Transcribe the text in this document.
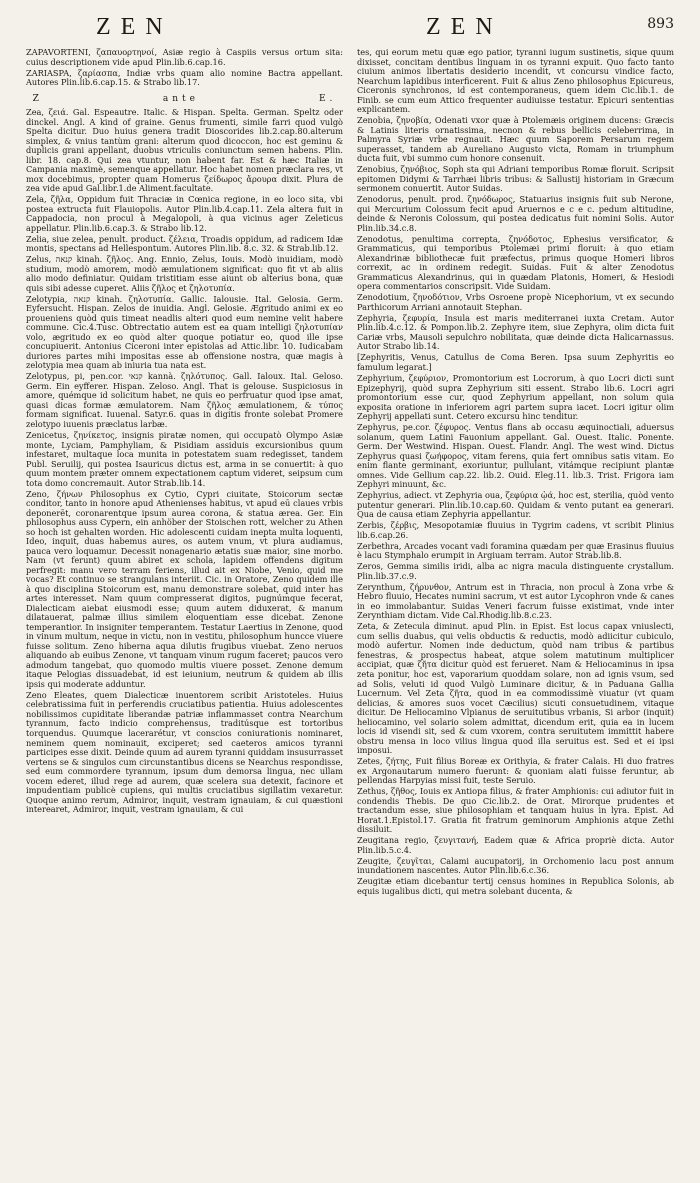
ZEN	ZEN	893

ZAPAVORTENI, ζαπαυορτηνοί, Asiæ regio à Caspiis versus ortum sita: cuius descriptionem vide apud Plin.lib.6.cap.16.

ZARIASPA, ζαρίασπα, Indiæ vrbs quam alio nomine Bactra appellant. Autores Plin.lib.6.cap.15. & Strabo lib.17.

Z	ante	E.

Zea, ζειά. Gal. Espeautre. Italic. & Hispan. Spelta. German. Speltz oder dinckel. Angl. A kind of graine. Genus frumenti, simile farri quod vulgò Spelta dicitur. Duo huius genera tradit Dioscorides lib.2.cap.80.alterum simplex, & vnius tantùm grani: alterum quod dicoccon, hoc est geminu & duplicis grani appellant, duobus vtriculis coniunctum semen habens. Plin. libr. 18. cap.8. Qui zea vtuntur, non habent far. Est & hæc Italiæ in Campania maximè, semenque appellatur. Hoc habet nomen præclara res, vt mox docebimus, propter quam Homerus ζείδωρος ἄρουρα dixit. Plura de zea vide apud Gal.libr.1.de Aliment.facultate.

Zela, ζῆλα, Oppidum fuit Thraciæ in Cœnica regione, in eo loco sita, vbi postea extructa fuit Flauiopolis. Autor Plin.lib.4.cap.11. Zela altera fuit in Cappadocia, non procul à Megalopoli, à qua vicinus ager Zeleticus appellatur. Plin.lib.6.cap.3. & Strabo lib.12.

Zelia, siue zelea, penult. product. ζέλεια, Troadis oppidum, ad radicem Idæ montis, spectans ad Hellespontum. Autores Plin.lib. 8.c. 32. & Strab.lib.12.

Zelus, קנאה kinah. ζῆλος. Ang. Ennio, Zelus, Iouis. Modò inuidiam, modò studium, modò amorem, modò æmulationem significat: quo fit vt ab aliis alio modo definiatur. Quidam tristitiam esse aiunt ob alterius bona, quæ quis sibi adesse cuperet. Aliis ζῆλος et ζηλοτυπία.

Zelotypia, קנאה kinah. ζηλοτυπία. Gallic. Ialousie. Ital. Gelosia. Germ. Eyfersucht. Hispan. Zelos de inuidia. Angl. Gelosie. Ægritudo animi ex eo proueniens quòd quis timeat neadlis alteri quod eum nemine velit habere commune. Cic.4.Tusc. Obtrectatio autem est ea quam intelligi ζηλοτυπίαν volo, ægritudo ex eo quòd alter quoque potiatur eo, quod ille ipse concupiuerit. Antonius Ciceroni inter epistolas ad Attic.libr. 10. Iudicabam duriores partes mihi impositas esse ab offensione nostra, quæ magis à zelotypia mea quam ab iniuria tua nata est.

Zelotypus, pi, pen.cor. קנאי kannà. ζηλότυπος. Gall. Ialoux. Ital. Geloso. Germ. Ein eyfferer. Hispan. Zeloso. Angl. That is gelouse. Suspiciosus in amore, quémque id solicitum habet, ne quis eo perfruatur quod ipse amat, quasi dicas formæ æmulatorem. Nam ζῆλος æmulationem, & τύπος formam significat. Iuuenal. Satyr.6. quas in digitis fronte solebat Promere zelotypo iuuenis præclatus larbæ.

Zenicetus, ζηνίκετος, insignis piratæ nomen, qui occupatò Olympo Asiæ monte, Lyciam, Pamphyliam, & Pisidiam assiduis excursionibus quum infestaret, multaque loca munita in potestatem suam redegisset, tandem Publ. Seruilij, qui postea Isauricus dictus est, arma in se conuertit: à quo quum montem præter omnem expectationem captum videret, seipsum cum tota domo concremauit. Autor Strab.lib.14.

Zeno, ζήνων Philosophus ex Cytio, Cypri ciuitate, Stoicorum sectæ conditor, tanto in honore apud Athenienses habitus, vt apud eū claues vrbis deponerēt, coronarentque ipsum aurea corona, & statua ærea. Ger. Ein philosophus auss Cypern, ein anhöber der Stoischen rott, welcher zu Athen so hoch ist gehalten worden. Hic adolescenti cuidam inepta multa loquenti, Ideo, inquit, duas habemus aures, os autem vnum, vt plura audiamus, pauca vero loquamur. Decessit nonagenario ætatis suæ maior, sine morbo. Nam (vt ferunt) quum abiret ex schola, lapidem offendens digitum perfregit: manu vero terram feriens, illud ait ex Niobe, Venio, quid me vocas? Et continuo se strangulans interiit. Cic. in Oratore, Zeno quidem ille à quo disciplina Stoicorum est, manu demonstrare solebat, quid inter has artes interesset. Nam quum compresserat digitos, pugnúmque fecerat, Dialecticam aiebat eiusmodi esse; quum autem diduxerat, & manum dilatauerat, palmæ illius similem eloquentiam esse dicebat. Zenone temperantior. In insigniter temperantem. Testatur Laertius in Zenone, quod in vinum multum, neque in victu, non in vestitu, philosophum huncce viuere fuisse solitum. Zeno hiberna aqua dilutis frugibus viuebat. Zeno neruos aliquando ab euibus Zenone, vt tanquam vinum rugum faceret; paucos vero admodum tangebat, quo quomodo multis viuere posset. Zenone demum itaque Pelogias dissuadebat, id est ieiunium, neutrum & quidem ab illis ipsis qui moderate adduntur.

Zeno Eleates, quem Dialecticæ inuentorem scribit Aristoteles. Huius celebratissima fuit in perferendis cruciatibus patientia. Huius adolescentes nobilissimos cupiditate liberandæ patriæ inflammasset contra Nearchum tyrannum, facto indicio comprehensus, traditúsque est tortoribus torquendus. Quumque lacerarétur, vt conscios coniurationis nominaret, neminem quem nominauit, exciperet; sed caeteros amicos tyranni participes esse dixit. Deinde quum ad aurem tyranni quiddam insusurrasset vertens se & singulos cum circunstantibus dicens se Nearchus respondisse, sed eum commordere tyrannum, ipsum dum demorsa lingua, nec ullam vocem ederet, illud rege ad aurem, quæ scelera sua detexit, facinore et impudentiam publicè cupiens, qui multis cruciatibus sigillatim vexaretur. Quoque animo rerum, Admiror, inquit, vestram ignauiam, & cui quæstioni interearet, Admiror, inquit, vestram ignauiam, & cui

tes, qui eorum metu quæ ego patior, tyranni iugum sustinetis, sique quum dixisset, concitam dentibus linguam in os tyranni expuit. Quo facto tanto ciuium animos libertatis desiderio incendit, vt concursu vindice facto, Nearchum lapidibus interficerent. Fuit & alius Zeno philosophus Epicureus, Ciceronis synchronos, id est contemporaneus, quem idem Cic.lib.1. de Finib. se cum eum Attico frequenter audiuisse testatur. Epicuri sententias explicantem.

Zenobia, ζηνοβία, Odenati vxor quæ à Ptolemæis originem ducens: Græcis & Latinis literis ornatissima, necnon & rebus bellicis celeberrima, in Palmyra Syriæ vrbe regnauit. Hæc quum Saporem Persarum regem superasset, tandem ab Aureliano Augusto victa, Romam in triumphum ducta fuit, vbi summo cum honore consenuit.

Zenobius, ζηνόβιος, Soph sta qui Adriani temporibus Romæ floruit. Scripsit epitomen Didymi & Tarrhæi libris tribus: & Sallustij historiam in Græcum sermonem conuertit. Autor Suidas.

Zenodorus, penult. prod. ζηνόδωρος, Statuarius insignis fuit sub Nerone, qui Mercurium Colossum fecit apud Aruernos e c e c. pedum altitudine, deinde & Neronis Colossum, qui postea dedicatus fuit nomini Solis. Autor Plin.lib.34.c.8.

Zenodotus, penultima correpta, ζηνόδοτος, Ephesius versificator, & Grammaticus, qui temporibus Ptolemæi primi floruit: à quo etiam Alexandrinæ bibliothecæ fuit præfectus, primus quoque Homeri libros correxit, ac in ordinem redegit. Suidas. Fuit & alter Zenodotus Grammaticus Alexandrinus, qui in quædam Platonis, Homeri, & Hesiodi opera commentarios conscripsit. Vide Suidam.

Zenodotium, ζηνοδότιον, Vrbs Osroene propè Nicephorium, vt ex secundo Parthicorum Arriani annotauit Stephan.

Zephyria, ζεφυρία, Insula est maris mediterranei iuxta Cretam. Autor Plin.lib.4.c.12. & Pompon.lib.2. Zephyre item, siue Zephyra, olim dicta fuit Cariæ vrbs, Mausoli sepulchro nobilitata, quæ deinde dicta Halicarnassus. Autor Strabo lib.14.

[Zephyritis, Venus, Catullus de Coma Beren. Ipsa suum Zephyritis eo famulum legarat.]

Zephyrium, ζεφύριον, Promontorium est Locrorum, à quo Locri dicti sunt Epizephyrij, quòd supra Zephyrium siti essent. Strabo lib.6. Locri agri promontorium esse cur, quod Zephyrium appellant, non solum quia exposita oratione in inferiorem agri partem supra iacet. Locri igitur olim Zephyrij appellati sunt. Cetero excursu hinc tenditur.

Zephyrus, pe.cor. ζέφυρος. Ventus flans ab occasu æquinoctiali, aduersus solanum, quem Latini Fauonium appellant. Gal. Ouest. Italic. Ponente. Germ. Der Westwind. Hispan. Ouest. Flandr. Angl. The west wind. Dictus Zephyrus quasi ζωήφορος, vitam ferens, quia fert omnibus satis vitam. Eo enim flante germinant, exoriuntur, pullulant, vitámque recipiunt plantæ omnes. Vide Gellium cap.22. lib.2. Ouid. Eleg.11. lib.3. Trist. Frigora iam Zephyri minuunt, &c.

Zephyrius, adiect. vt Zephyria oua, ζεφύρια ᾠά, hoc est, sterilia, quòd vento putentur generari. Plin.lib.10.cap.60. Quidam & vento putant ea generari. Qua de causa etiam Zephyria appellantur.

Zerbis, ζέρβις, Mesopotamiæ fluuius in Tygrim cadens, vt scribit Plinius lib.6.cap.26.

Zerbethra, Arcades vocant vadi foramina quædam per quæ Erasinus fluuius è lacu Stymphalo erumpit in Argiuam terram. Autor Strab.lib.8.

Zeros, Gemma similis iridi, alba ac nigra macula distinguente crystallum. Plin.lib.37.c.9.

Zerynthum, ζήρυνθον, Antrum est in Thracia, non procul à Zona vrbe & Hebro fluuio, Hecates numini sacrum, vt est autor Lycophron vnde & canes in eo immolabantur. Suidas Veneri facrum fuisse existimat, vnde inter Zerynthiam dictam. Vide Cal.Rhodig.lib.8.c.23.

Zeta, & Zetecula diminut. apud Plin. in Epist. Est locus capax vniuslecti, cum sellis duabus, qui velis obductis & reductis, modò adiicitur cubiculo, modò aufertur. Nomen inde deductum, quòd nam tribus & partibus fenestras, & prospectus habeat, atque solem matutinum multiplicer accipiat, quæ ζῆτα dicitur quòd est ferueret. Nam & Heliocaminus in ipsa zeta ponitur, hoc est, vaporarium quoddam solare, non ad ignis vsum, sed ad Solis, veluti id quod Vulgò Luminare dicitur, & in Paduana Gallia Lucernum. Vel Zeta ζῆτα, quod in ea commodissimè viuatur (vt quam delicias, & amores suos vocet Cæcilius) sicuti consuetudinem, vitaque dicitur. De Heliocamino Vlpianus de seruitutibus vrbanis, Si arbor (inquit) heliocamino, vel solario solem admittat, dicendum erit, quia ea in lucem locis id visendi sit, sed & cum vxorem, contra seruitutem immittit habere obstru mensa in loco vilius lingua quod illa seruitus est. Sed et ei ipsi imposui.

Zetes, ζήτης, Fuit filius Boreæ ex Orithyia, & frater Calais. Hi duo fratres ex Argonautarum numero fuerunt: & quoniam alati fuisse feruntur, ab pellendas Harpyias missi fuit, teste Seruio.

Zethus, ζῆθος, Iouis ex Antiopa filius, & frater Amphionis: cui adiutor fuit in condendis Thebis. De quo Cic.lib.2. de Orat. Mirorque prudentes et tractandum esse, siue philosophiam et tanquam huius in lyra. Epist. Ad Horat.1.Epistol.17. Gratia fit fratrum geminorum Amphionis atque Zethi dissiluit.

Zeugitana regio, ζευγιτανή, Eadem quæ & Africa propriè dicta. Autor Plin.lib.5.c.4.

Zeugite, ζευγῖται, Calami aucupatorij, in Orchomenio lacu post annum inundationem nascentes. Autor Plin.lib.6.c.36.

Zeugitæ etiam dicebantur tertij census homines in Republica Solonis, ab equis iugalibus dicti, qui metra solebant ducenta, &
